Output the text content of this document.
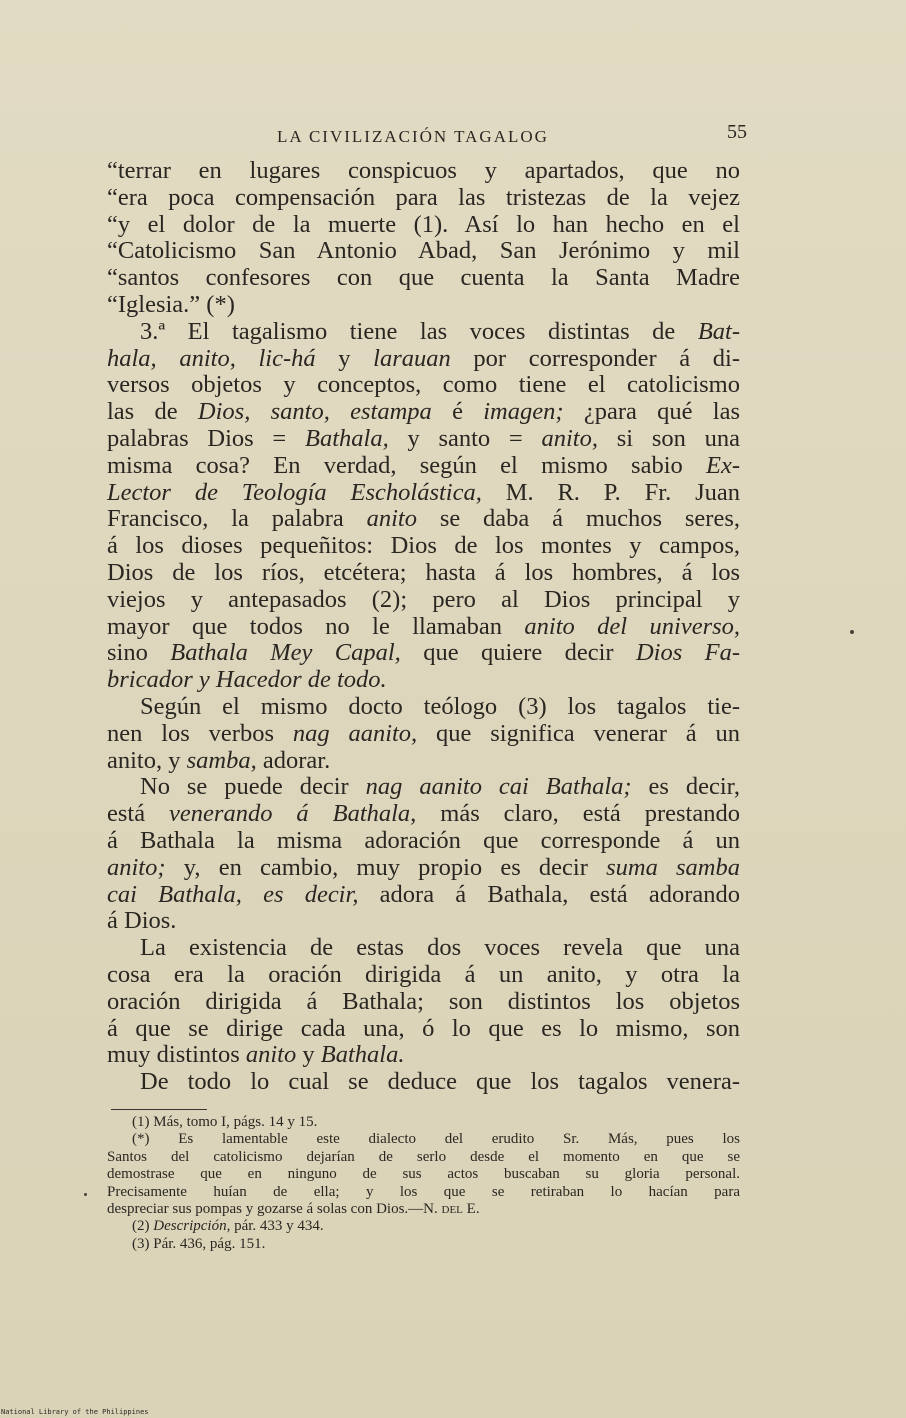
LA CIVILIZACIÓN TAGALOG	55
“terrar en lugares conspicuos y apartados, que no
“era poca compensación para las tristezas de la vejez
“y el dolor de la muerte (1). Así lo han hecho en el
“Catolicismo San Antonio Abad, San Jerónimo y mil
“santos confesores con que cuenta la Santa Madre
“Iglesia.” (*)
3.ª El tagalismo tiene las voces distintas de Bat-
hala, anito, lic-há y larauan por corresponder á di-
versos objetos y conceptos, como tiene el catolicismo
las de Dios, santo, estampa é imagen; ¿para qué las
palabras Dios = Bathala, y santo = anito, si son una
misma cosa? En verdad, según el mismo sabio Ex-
Lector de Teología Escholástica, M. R. P. Fr. Juan
Francisco, la palabra anito se daba á muchos seres,
á los dioses pequeñitos: Dios de los montes y campos,
Dios de los ríos, etcétera; hasta á los hombres, á los
viejos y antepasados (2); pero al Dios principal y
mayor que todos no le llamaban anito del universo,
sino Bathala Mey Capal, que quiere decir Dios Fa-
bricador y Hacedor de todo.
Según el mismo docto teólogo (3) los tagalos tie-
nen los verbos nag aanito, que significa venerar á un
anito, y samba, adorar.
No se puede decir nag aanito cai Bathala; es decir,
está venerando á Bathala, más claro, está prestando
á Bathala la misma adoración que corresponde á un
anito; y, en cambio, muy propio es decir suma samba
cai Bathala, es decir, adora á Bathala, está adorando
á Dios.
La existencia de estas dos voces revela que una
cosa era la oración dirigida á un anito, y otra la
oración dirigida á Bathala; son distintos los objetos
á que se dirige cada una, ó lo que es lo mismo, son
muy distintos anito y Bathala.
De todo lo cual se deduce que los tagalos venera-
(1) Más, tomo I, págs. 14 y 15.
(*) Es lamentable este dialecto del erudito Sr. Más, pues los
Santos del catolicismo dejarían de serlo desde el momento en que se
demostrase que en ninguno de sus actos buscaban su gloria personal.
Precisamente huían de ella; y los que se retiraban lo hacían para
despreciar sus pompas y gozarse á solas con Dios.—N. del E.
(2) Descripción, pár. 433 y 434.
(3) Pár. 436, pág. 151.
National Library of the Philippines
